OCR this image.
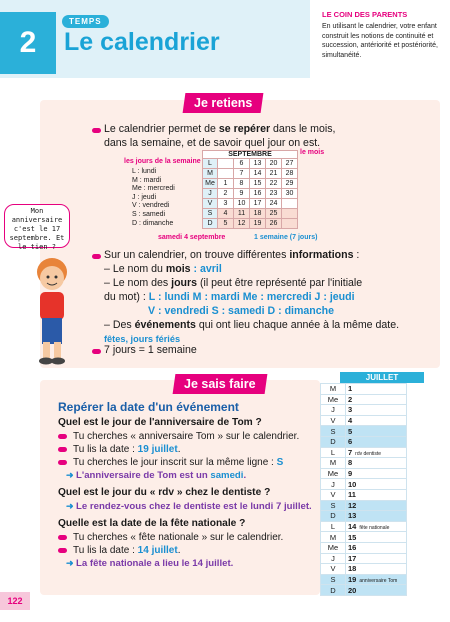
2
TEMPS
Le calendrier
LE COIN DES PARENTS
En utilisant le calendrier, votre enfant construit les notions de continuité et succession, antériorité et postériorité, simultanéité.
Je retiens
Le calendrier permet de se repérer dans le mois,
dans la semaine, et de savoir quel jour on est.
les jours de la semaine
le mois
L : lundi
M : mardi
Me : mercredi
J : jeudi
V : vendredi
S : samedi
D : dimanche
SEPTEMBRE
L		6	13	20	27
M		7	14	21	28
Me	1	8	15	22	29
J	2	9	16	23	30
V	3	10	17	24	
S	4	11	18	25	
D	5	12	19	26	
samedi 4 septembre	1 semaine (7 jours)
Mon anniversaire c'est le 17 septembre. Et le tien ?
Sur un calendrier, on trouve différentes informations :
– Le nom du mois : avril
– Le nom des jours (il peut être représenté par l'initiale
du mot) : L : lundi M : mardi Me : mercredi J : jeudi
V : vendredi S : samedi D : dimanche
– Des événements qui ont lieu chaque année à la même date.
fêtes, jours fériés
7 jours = 1 semaine
Je sais faire
Repérer la date d'un événement
Quel est le jour de l'anniversaire de Tom ?
Tu cherches « anniversaire Tom » sur le calendrier.
Tu lis la date : 19 juillet.
Tu cherches le jour inscrit sur la même ligne : S
➜ L'anniversaire de Tom est un samedi.
Quel est le jour du « rdv » chez le dentiste ?
➜ Le rendez-vous chez le dentiste est le lundi 7 juillet.
Quelle est la date de la fête nationale ?
Tu cherches « fête nationale » sur le calendrier.
Tu lis la date : 14 juillet.
➜ La fête nationale a lieu le 14 juillet.
JUILLET
M	1
Me	2
J	3
V	4
S	5
D	6
L	7 rdv dentiste
M	8
Me	9
J	10
V	11
S	12
D	13
L	14 fête nationale
M	15
Me	16
J	17
V	18
S	19 anniversaire Tom
D	20
122
